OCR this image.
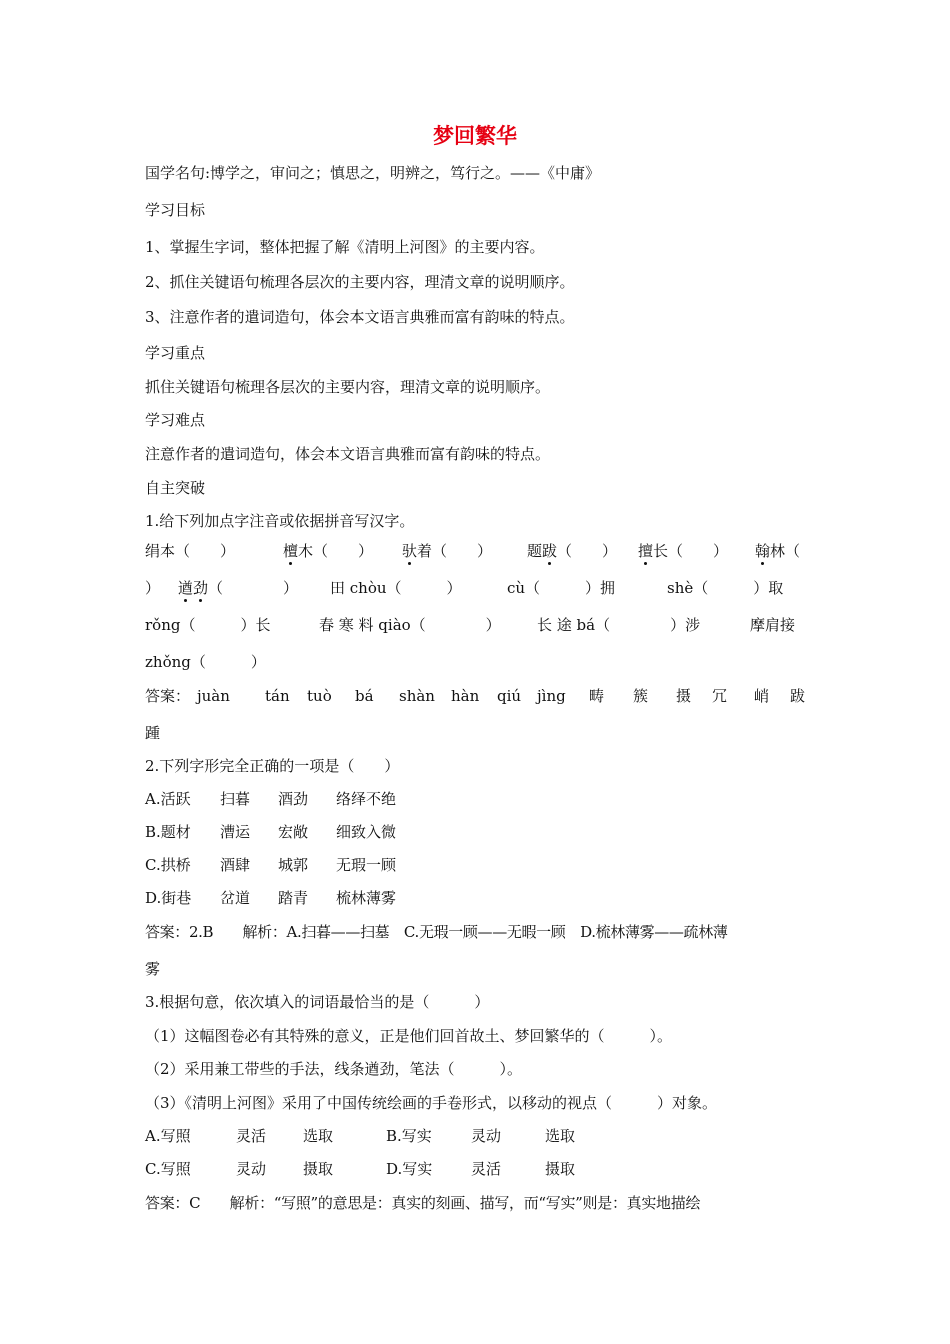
梦回繁华
国学名句:博学之，审问之；慎思之，明辨之，笃行之。——《中庸》
学习目标
1、掌握生字词，整体把握了解《清明上河图》的主要内容。
2、抓住关键语句梳理各层次的主要内容，理清文章的说明顺序。
3、注意作者的遣词造句，体会本文语言典雅而富有韵味的特点。
学习重点
抓住关键语句梳理各层次的主要内容，理清文章的说明顺序。
学习难点
注意作者的遣词造句，体会本文语言典雅而富有韵味的特点。
自主突破
1.给下列加点字注音或依据拼音写汉字。
绢本（　　）	檀木（　　） 驮着（　　） 题跋（　　） 擅长（　　） 翰林（
） 遒劲（　　　　） 田 chòu（　　　）	cù（　　　）拥	shè（　　　）取
rǒng（　　　）长	春 寒 料 qiào（　　　　） 长 途 bá（　　　　）涉	摩肩接
zhǒng（　　　）
答案： juàn tán tuò bá shàn hàn qiú jìng 畴 簇 摄 冗 峭 跋
踵
2.下列字形完全正确的一项是（　　）
A.活跃 扫暮 酒劲 络绎不绝
B.题材 漕运 宏敞 细致入微
C.拱桥 酒肆 城郭 无瑕一顾
D.街巷 岔道 踏青 梳林薄雾
答案：2.B　　解析：A.扫暮——扫墓　C.无瑕一顾——无暇一顾　D.梳林薄雾——疏林薄
雾
3.根据句意，依次填入的词语最恰当的是（　　　）
（1）这幅图卷必有其特殊的意义，正是他们回首故土、梦回繁华的（　　　）。
（2）采用兼工带些的手法，线条遒劲，笔法（　　　）。
（3）《清明上河图》采用了中国传统绘画的手卷形式，以移动的视点（　　　）对象。
A.写照	灵活 选取	B.写实	灵动	选取
C.写照	灵动 摄取	D.写实	灵活	摄取
答案：C　　解析：“写照”的意思是：真实的刻画、描写，而“写实”则是：真实地描绘
